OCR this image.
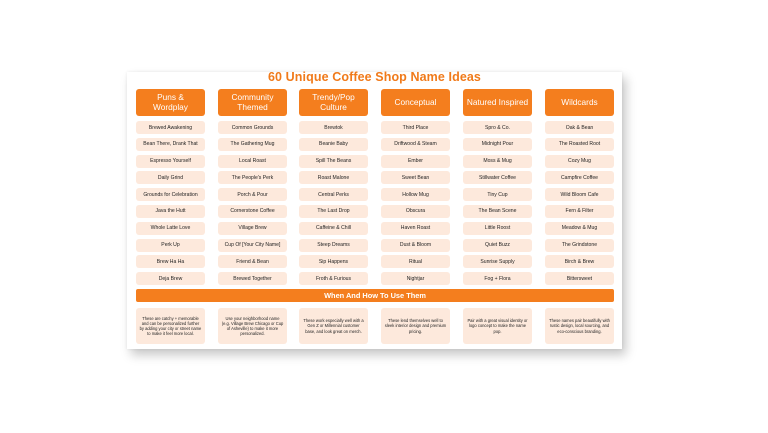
60 Unique Coffee Shop Name Ideas
Puns & Wordplay
Brewed Awakening
Bean There, Drank That
Espresso Yourself
Daily Grind
Grounds for Celebration
Java the Hutt
Whole Latte Love
Perk Up
Brew Ha Ha
Deja Brew
Community Themed
Common Grounds
The Gathering Mug
Local Roast
The People's Perk
Porch & Pour
Cornerstone Coffee
Village Brew
Cup Of [Your City Name]
Friend & Bean
Brewed Together
Trendy/Pop Culture
Brewtok
Beanie Baby
Spill The Beans
Roast Malone
Central Perks
The Last Drop
Caffeine & Chill
Steep Dreams
Sip Happens
Froth & Furious
Conceptual
Third Place
Driftwood & Steam
Ember
Sweet Bean
Hollow Mug
Obscura
Haven Roast
Dust & Bloom
Ritual
Nightjar
Natured Inspired
Spro & Co.
Midnight Pour
Moss & Mug
Stillwater Coffee
Tiny Cup
The Bean Scene
Little Roost
Quiet Buzz
Sunrise Supply
Fog + Flora
Wildcards
Oak & Bean
The Roasted Root
Cozy Mug
Campfire Coffee
Wild Bloom Cafe
Fern & Filter
Meadow & Mug
The Grindstone
Birch & Brew
Bittersweet
When And How To Use Them
These are catchy + memorable and can be personalized further by adding your city or street name to make it feel more local.
Use your neighborhood name (e.g. Village Brew Chicago or Cup of Asheville) to make it more personalized.
These work especially well with a Gen Z or Millennial customer base, and look great on merch.
These lend themselves well to sleek interior design and premium pricing.
Pair with a great visual identity or logo concept to make the name pop.
These names pair beautifully with rustic design, local sourcing, and eco-conscious branding.
